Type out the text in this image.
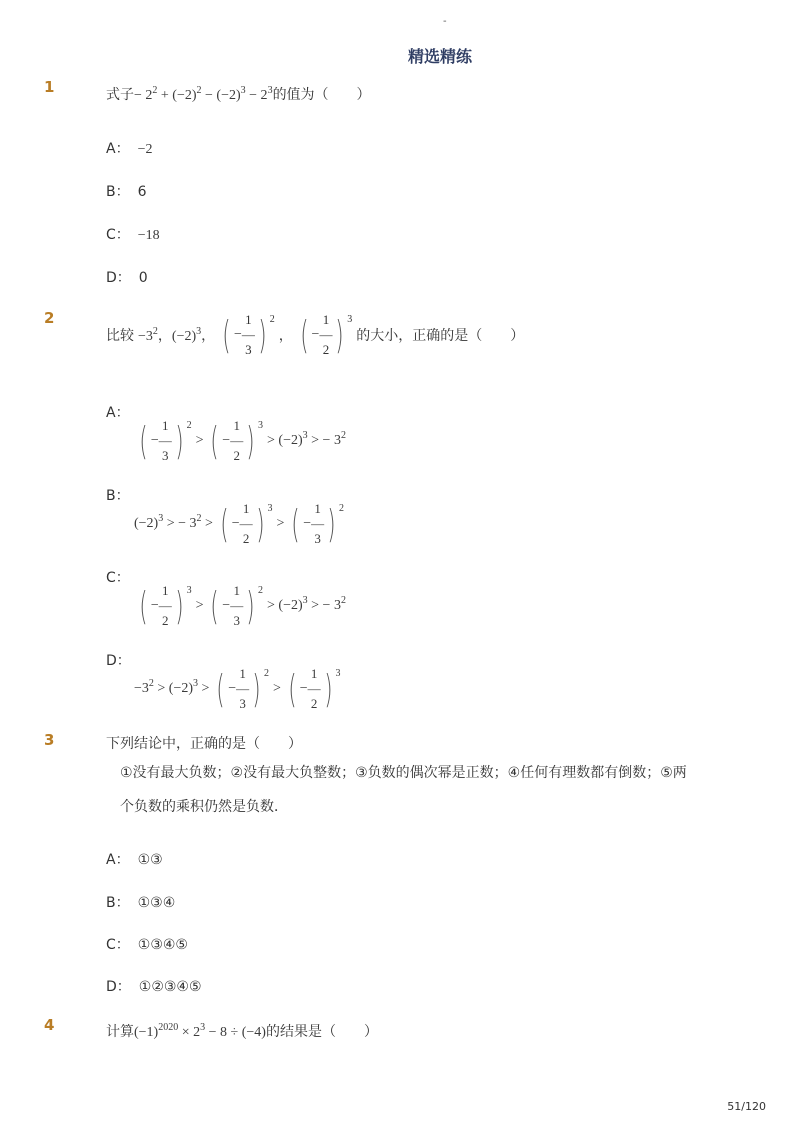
-
精选精练
1	式子− $2^2 + (-2)^2 - (-2)^3 - 2^3$的值为（　　）
A： −2
B： 6
C： −18
D： 0
2
比较 $-3^2$，$(-2)^3$， ( −
1
—
3 ) 2
， ( −
1
—
2 ) 3
的大小，正确的是（　　）
A：
( −
1
—
3 ) 2
> ( −
1
—
2 ) 3
> $(-2)^3$ > − $3^2$
B：
$(-2)^3$ > − $3^2$ > ( −
1
—
2 ) 3
> ( −
1
—
3 ) 2
C：
( −
1
—
2 ) 3
> ( −
1
—
3 ) 2
> $(-2)^3$ > − $3^2$
D：
$-3^2 > (-2)^3$ > ( −
1
—
3 ) 2
> ( −
1
—
2 ) 3
3	下列结论中，正确的是（　　）
①没有最大负数；②没有最大负整数；③负数的偶次幂是正数；④任何有理数都有倒数；⑤两
个负数的乘积仍然是负数．
A： ①③
B： ①③④
C： ①③④⑤
D： ①②③④⑤
4	计算$(-1)^{2020} \times 2^3 - 8 \div (-4)$的结果是（　　）
51/120
